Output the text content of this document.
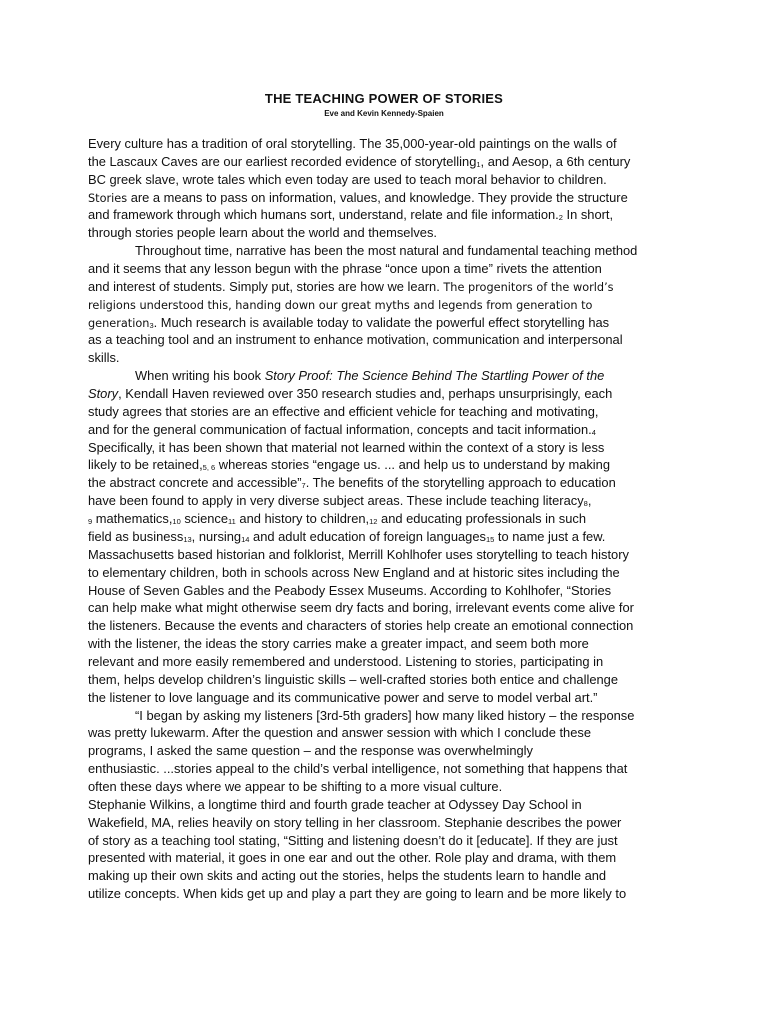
THE TEACHING POWER OF STORIES
Eve and Kevin Kennedy-Spaien
Every culture has a tradition of oral storytelling. The 35,000-year-old paintings on the walls of
the Lascaux Caves are our earliest recorded evidence of storytelling$_1$, and Aesop, a 6th century
BC greek slave, wrote tales which even today are used to teach moral behavior to children.
Stories are a means to pass on information, values, and knowledge. They provide the structure
and framework through which humans sort, understand, relate and file $information._2$ In short,
through stories people learn about the world and themselves.
Throughout time, narrative has been the most natural and fundamental teaching method
and it seems that any lesson begun with the phrase “once upon a time” rivets the attention
and interest of students. Simply put, stories are how we learn. The progenitors of the world’s
religions understood this, handing down our great myths and legends from generation to
generation$_3$. Much research is available today to validate the powerful effect storytelling has
as a teaching tool and an instrument to enhance motivation, communication and interpersonal
skills.
When writing his book Story Proof: The Science Behind The Startling Power of the
Story, Kendall Haven reviewed over 350 research studies and, perhaps unsurprisingly, each
study agrees that stories are an effective and efficient vehicle for teaching and motivating,
and for the general communication of factual information, concepts and tacit $information._4$
Specifically, it has been shown that material not learned within the context of a story is less
likely to be $retained,_{5, 6}$ whereas stories “engage us. ... and help us to understand by making
the abstract concrete and $accessible”_7$. The benefits of the storytelling approach to education
have been found to apply in very diverse subject areas. These include teaching literacy$_8$,
$_9$ $mathematics,_{10}$ science$_{11}$ and history to $children,_{12}$ and educating professionals in such
field as business$_{13}$, nursing$_{14}$ and adult education of foreign languages$_{15}$ to name just a few.
Massachusetts based historian and folklorist, Merrill Kohlhofer uses storytelling to teach history
to elementary children, both in schools across New England and at historic sites including the
House of Seven Gables and the Peabody Essex Museums. According to Kohlhofer, “Stories
can help make what might otherwise seem dry facts and boring, irrelevant events come alive for
the listeners. Because the events and characters of stories help create an emotional connection
with the listener, the ideas the story carries make a greater impact, and seem both more
relevant and more easily remembered and understood. Listening to stories, participating in
them, helps develop children’s linguistic skills – well-crafted stories both entice and challenge
the listener to love language and its communicative power and serve to model verbal art.”
“I began by asking my listeners [3rd-5th graders] how many liked history – the response
was pretty lukewarm. After the question and answer session with which I conclude these
programs, I asked the same question – and the response was overwhelmingly
enthusiastic. ...stories appeal to the child’s verbal intelligence, not something that happens that
often these days where we appear to be shifting to a more visual culture.
Stephanie Wilkins, a longtime third and fourth grade teacher at Odyssey Day School in
Wakefield, MA, relies heavily on story telling in her classroom. Stephanie describes the power
of story as a teaching tool stating, “Sitting and listening doesn’t do it [educate]. If they are just
presented with material, it goes in one ear and out the other. Role play and drama, with them
making up their own skits and acting out the stories, helps the students learn to handle and
utilize concepts. When kids get up and play a part they are going to learn and be more likely to
